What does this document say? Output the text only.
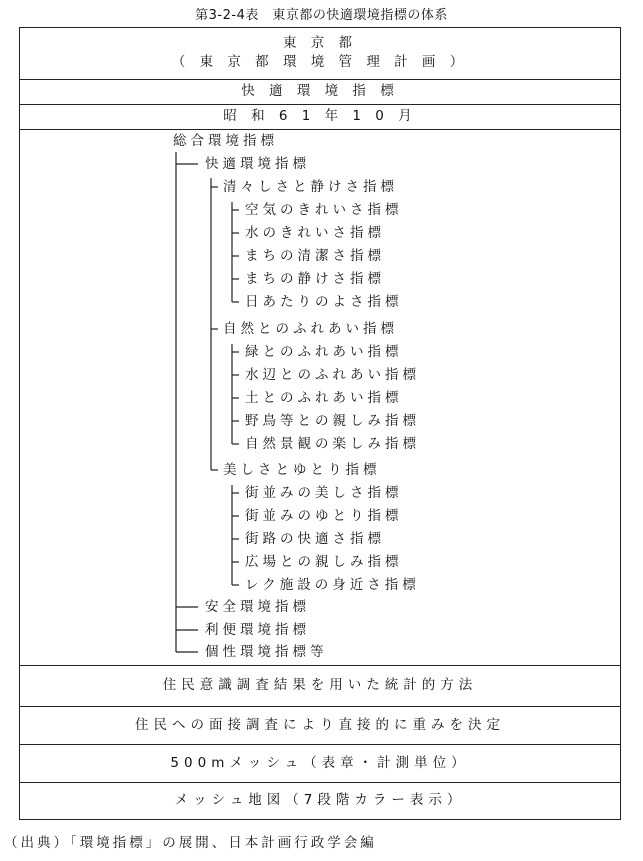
第3-2-4表　東京都の快適環境指標の体系
東 京 都
（ 東 京 都 環 境 管 理 計 画 ）
快 適 環 境 指 標
昭 和 6 1 年 1 0 月
総合環境指標
快適環境指標
清々しさと静けさ指標
空気のきれいさ指標
水のきれいさ指標
まちの清潔さ指標
まちの静けさ指標
日あたりのよさ指標
自然とのふれあい指標
緑とのふれあい指標
水辺とのふれあい指標
土とのふれあい指標
野鳥等との親しみ指標
自然景観の楽しみ指標
美しさとゆとり指標
街並みの美しさ指標
街並みのゆとり指標
街路の快適さ指標
広場との親しみ指標
レク施設の身近さ指標
安全環境指標
利便環境指標
個性環境指標等
住民意識調査結果を用いた統計的方法
住民への面接調査により直接的に重みを決定
500mメッシュ（表章・計測単位）
メッシュ地図（7段階カラー表示）
（出典）「環境指標」の展開、日本計画行政学会編
